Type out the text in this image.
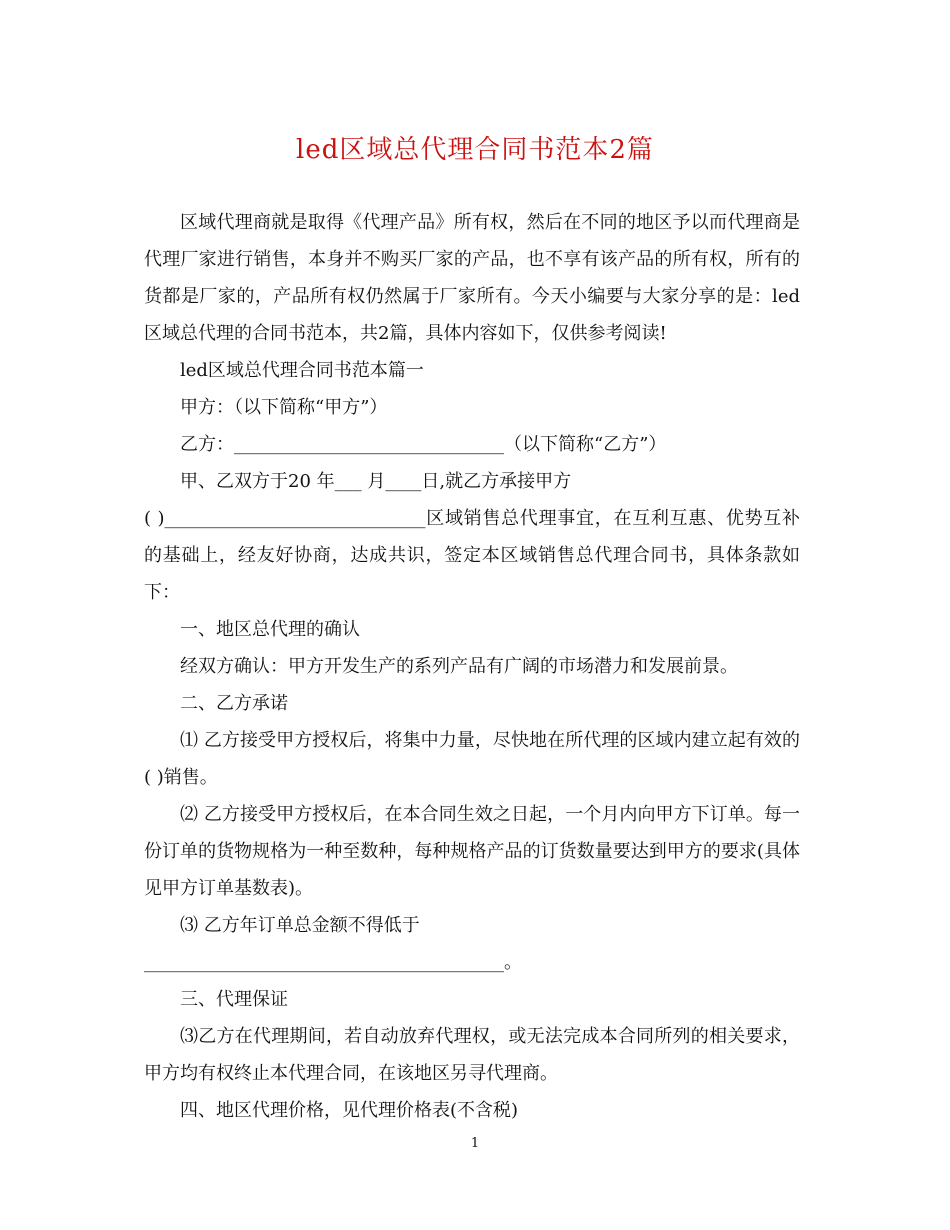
led区域总代理合同书范本2篇

区域代理商就是取得《代理产品》所有权，然后在不同的地区予以而代理商是代理厂家进行销售，本身并不购买厂家的产品，也不享有该产品的所有权，所有的货都是厂家的，产品所有权仍然属于厂家所有。今天小编要与大家分享的是：led区域总代理的合同书范本，共2篇，具体内容如下，仅供参考阅读!

led区域总代理合同书范本篇一

甲方：（以下简称“甲方”）

乙方：______________________________（以下简称“乙方”）

甲、乙双方于20 年___ 月____日,就乙方承接甲方

( )_____________________________区域销售总代理事宜，在互利互惠、优势互补的基础上，经友好协商，达成共识，签定本区域销售总代理合同书，具体条款如下：

一、地区总代理的确认

经双方确认：甲方开发生产的系列产品有广阔的市场潜力和发展前景。

二、乙方承诺

⑴ 乙方接受甲方授权后，将集中力量，尽快地在所代理的区域内建立起有效的( )销售。

⑵ 乙方接受甲方授权后，在本合同生效之日起，一个月内向甲方下订单。每一份订单的货物规格为一种至数种，每种规格产品的订货数量要达到甲方的要求(具体见甲方订单基数表)。

⑶ 乙方年订单总金额不得低于

________________________________________。

三、代理保证

⑶乙方在代理期间，若自动放弃代理权，或无法完成本合同所列的相关要求，甲方均有权终止本代理合同，在该地区另寻代理商。

四、地区代理价格，见代理价格表(不含税)

1
